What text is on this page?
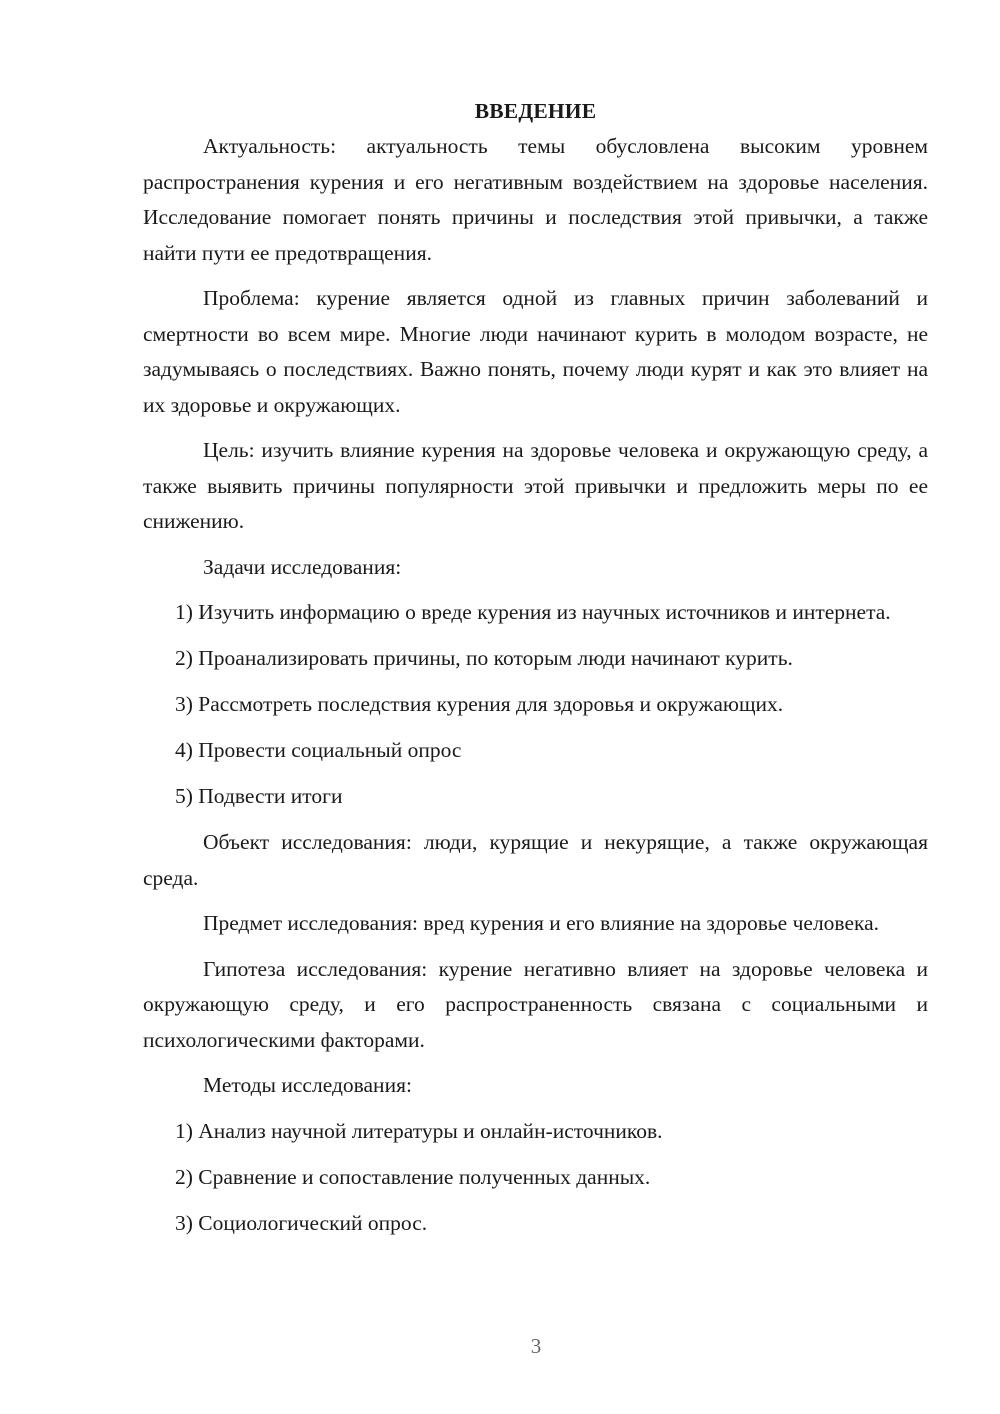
ВВЕДЕНИЕ

Актуальность: актуальность темы обусловлена высоким уровнем распространения курения и его негативным воздействием на здоровье населения. Исследование помогает понять причины и последствия этой привычки, а также найти пути ее предотвращения.

Проблема: курение является одной из главных причин заболеваний и смертности во всем мире. Многие люди начинают курить в молодом возрасте, не задумываясь о последствиях. Важно понять, почему люди курят и как это влияет на их здоровье и окружающих.

Цель: изучить влияние курения на здоровье человека и окружающую среду, а также выявить причины популярности этой привычки и предложить меры по ее снижению.

Задачи исследования:

1) Изучить информацию о вреде курения из научных источников и интернета.

2) Проанализировать причины, по которым люди начинают курить.

3) Рассмотреть последствия курения для здоровья и окружающих.

4) Провести социальный опрос

5) Подвести итоги

Объект исследования: люди, курящие и некурящие, а также окружающая среда.

Предмет исследования: вред курения и его влияние на здоровье человека.

Гипотеза исследования: курение негативно влияет на здоровье человека и окружающую среду, и его распространенность связана с социальными и психологическими факторами.

Методы исследования:

1) Анализ научной литературы и онлайн-источников.

2) Сравнение и сопоставление полученных данных.

3) Социологический опрос.

3
